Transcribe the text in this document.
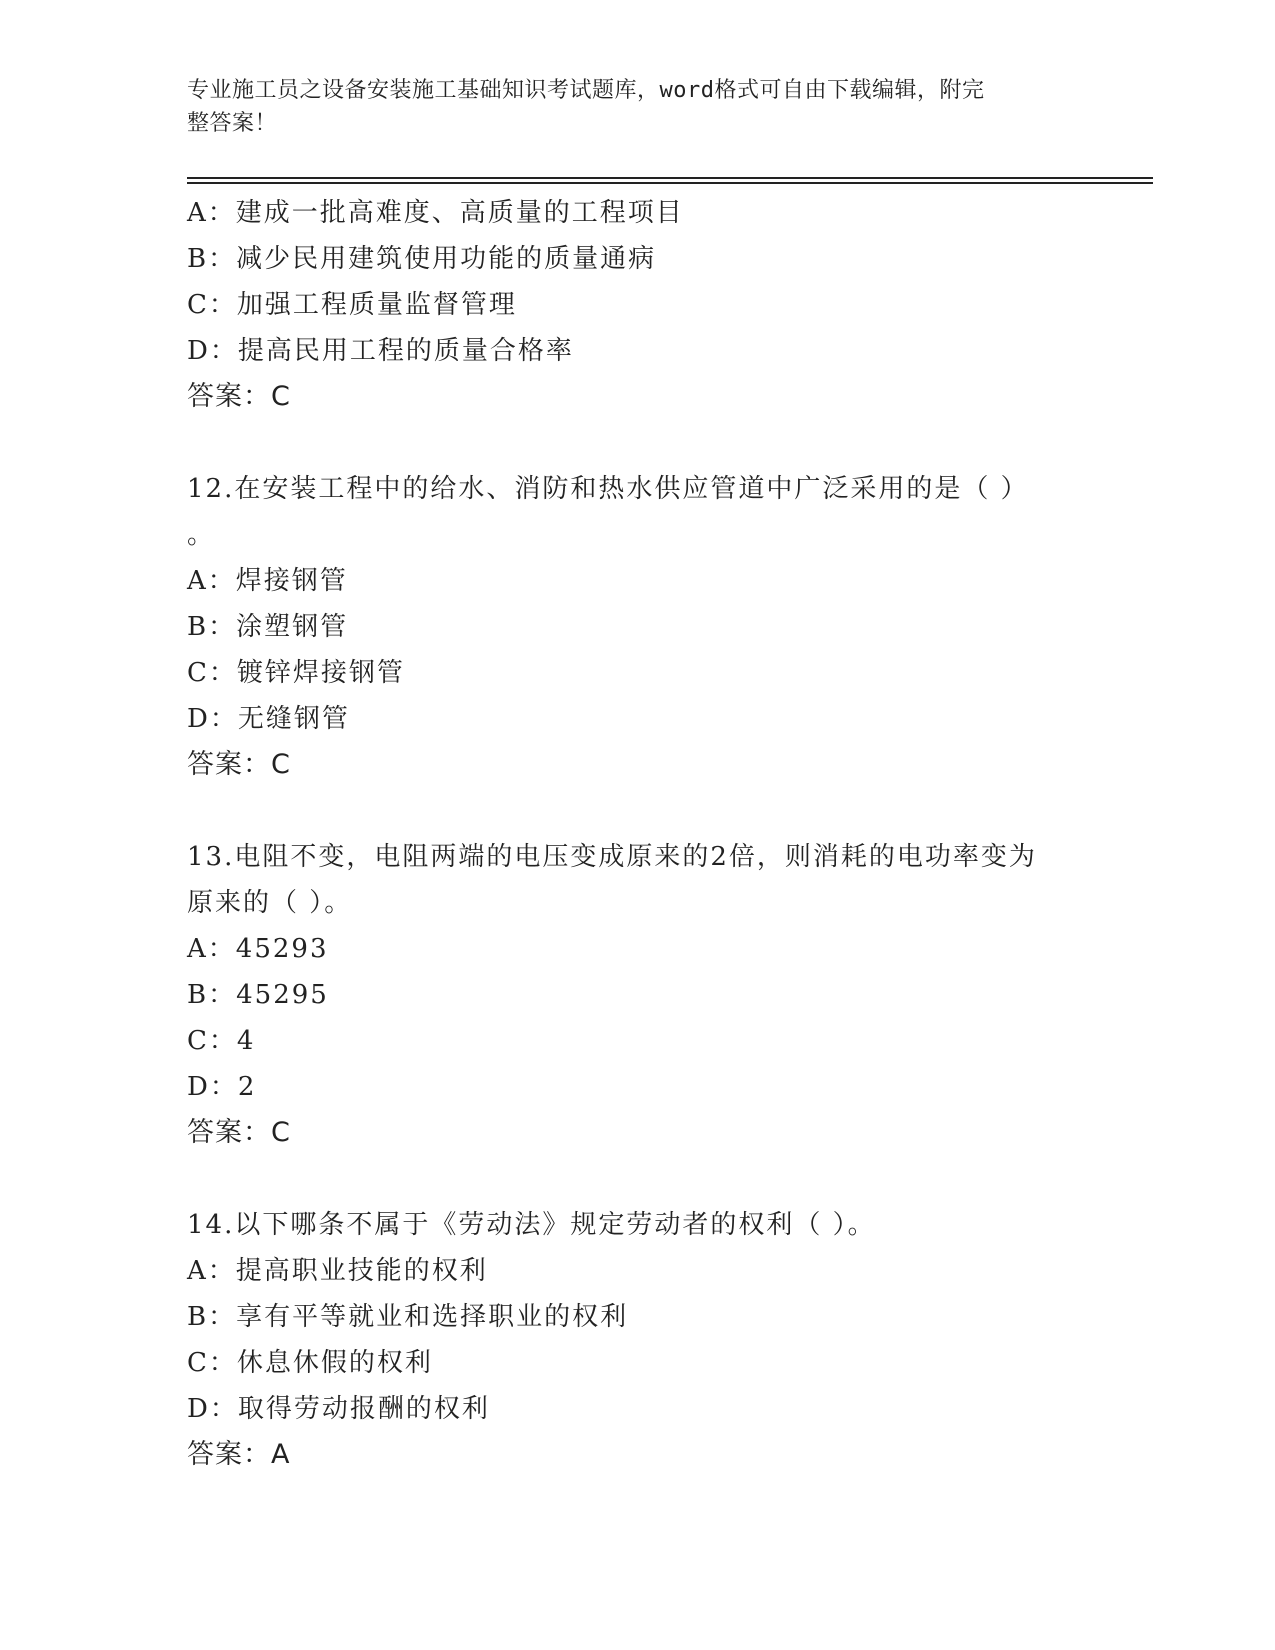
专业施工员之设备安装施工基础知识考试题库，word格式可自由下载编辑，附完
整答案！
A：建成一批高难度、高质量的工程项目
B：减少民用建筑使用功能的质量通病
C：加强工程质量监督管理
D：提高民用工程的质量合格率
答案：C
12.在安装工程中的给水、消防和热水供应管道中广泛采用的是（ ）
。
A：焊接钢管
B：涂塑钢管
C：镀锌焊接钢管
D：无缝钢管
答案：C
13.电阻不变，电阻两端的电压变成原来的2倍，则消耗的电功率变为
原来的（ ）。
A：45293
B：45295
C：4
D：2
答案：C
14.以下哪条不属于《劳动法》规定劳动者的权利（ ）。
A：提高职业技能的权利
B：享有平等就业和选择职业的权利
C：休息休假的权利
D：取得劳动报酬的权利
答案：A
